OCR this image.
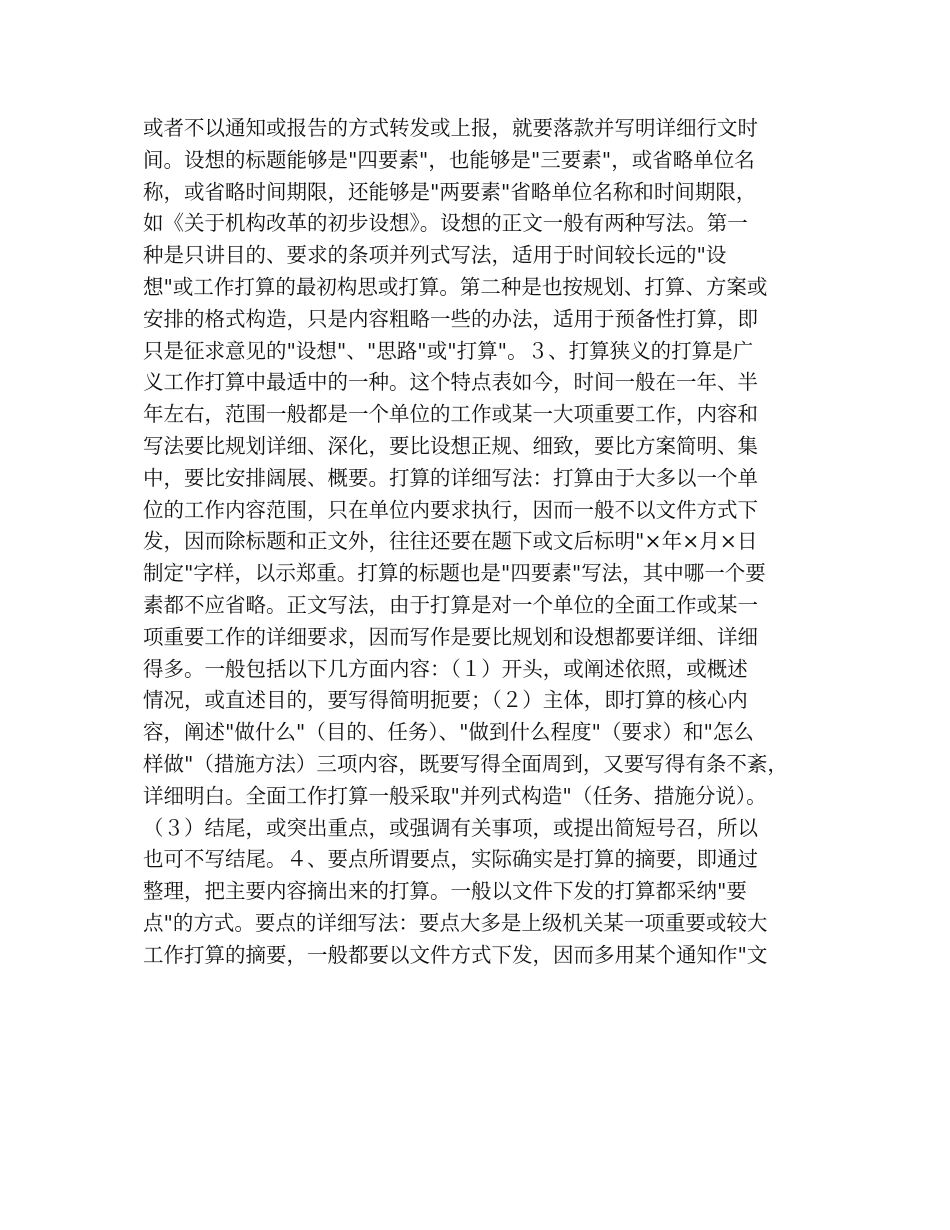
或者不以通知或报告的方式转发或上报，就要落款并写明详细行文时
间。设想的标题能够是"四要素"，也能够是"三要素"，或省略单位名
称，或省略时间期限，还能够是"两要素"省略单位名称和时间期限，
如《关于机构改革的初步设想》。设想的正文一般有两种写法。第一
种是只讲目的、要求的条项并列式写法，适用于时间较长远的"设
想"或工作打算的最初构思或打算。第二种是也按规划、打算、方案或
安排的格式构造，只是内容粗略一些的办法，适用于预备性打算，即
只是征求意见的"设想"、"思路"或"打算"。３、打算狭义的打算是广
义工作打算中最适中的一种。这个特点表如今，时间一般在一年、半
年左右，范围一般都是一个单位的工作或某一大项重要工作，内容和
写法要比规划详细、深化，要比设想正规、细致，要比方案简明、集
中，要比安排阔展、概要。打算的详细写法：打算由于大多以一个单
位的工作内容范围，只在单位内要求执行，因而一般不以文件方式下
发，因而除标题和正文外，往往还要在题下或文后标明"×年×月×日
制定"字样，以示郑重。打算的标题也是"四要素"写法，其中哪一个要
素都不应省略。正文写法，由于打算是对一个单位的全面工作或某一
项重要工作的详细要求，因而写作是要比规划和设想都要详细、详细
得多。一般包括以下几方面内容：（１）开头，或阐述依照，或概述
情况，或直述目的，要写得简明扼要；（２）主体，即打算的核心内
容，阐述"做什么"（目的、任务）、"做到什么程度"（要求）和"怎么
样做"（措施方法）三项内容，既要写得全面周到，又要写得有条不紊，
详细明白。全面工作打算一般采取"并列式构造"（任务、措施分说）。
（３）结尾，或突出重点，或强调有关事项，或提出简短号召，所以
也可不写结尾。４、要点所谓要点，实际确实是打算的摘要，即通过
整理，把主要内容摘出来的打算。一般以文件下发的打算都采纳"要
点"的方式。要点的详细写法：要点大多是上级机关某一项重要或较大
工作打算的摘要，一般都要以文件方式下发，因而多用某个通知作"文
